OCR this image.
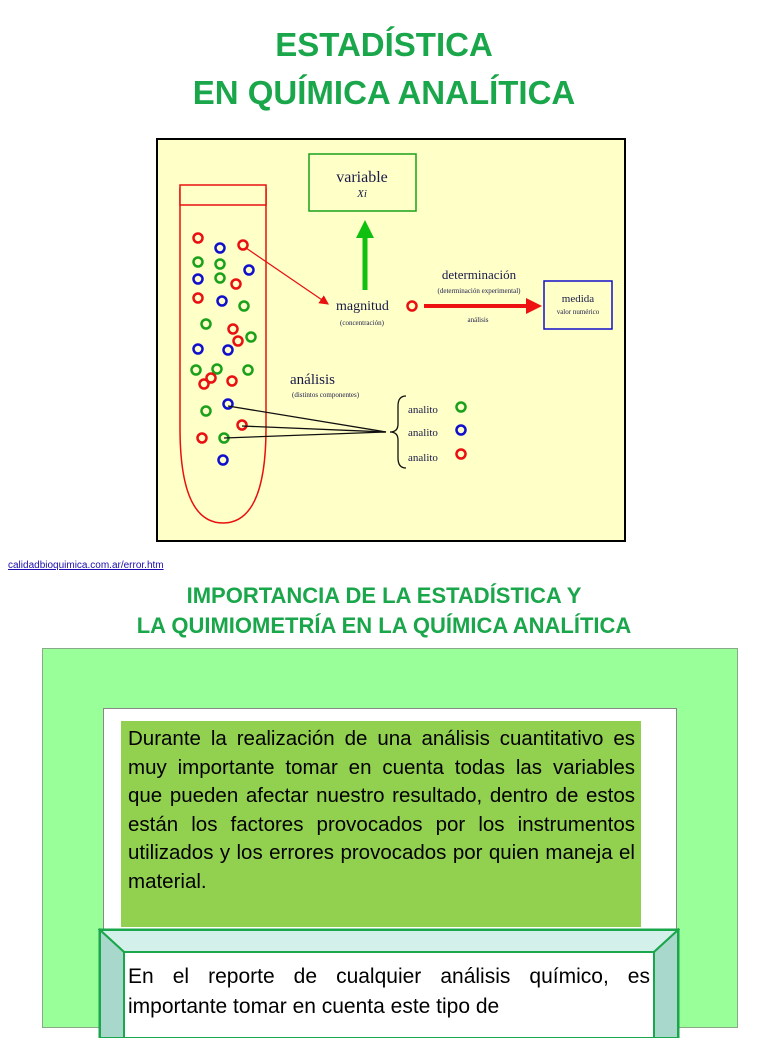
ESTADÍSTICA
EN QUÍMICA ANALÍTICA
variable
Xi
magnitud
(concentración)
determinación
(determinación experimental)
análisis
medida
valor numérico
análisis
(distintos componentes)
analito
analito
analito
calidadbioquimica.com.ar/error.htm
IMPORTANCIA DE LA ESTADÍSTICA Y
LA QUIMIOMETRÍA EN LA QUÍMICA ANALÍTICA
Durante la realización de una análisis cuantitativo es muy importante tomar en cuenta todas las variables que pueden afectar nuestro resultado, dentro de estos están los factores provocados por los instrumentos utilizados y los errores provocados por quien maneja el material.
En el reporte de cualquier análisis químico, es importante tomar en cuenta este tipo de
